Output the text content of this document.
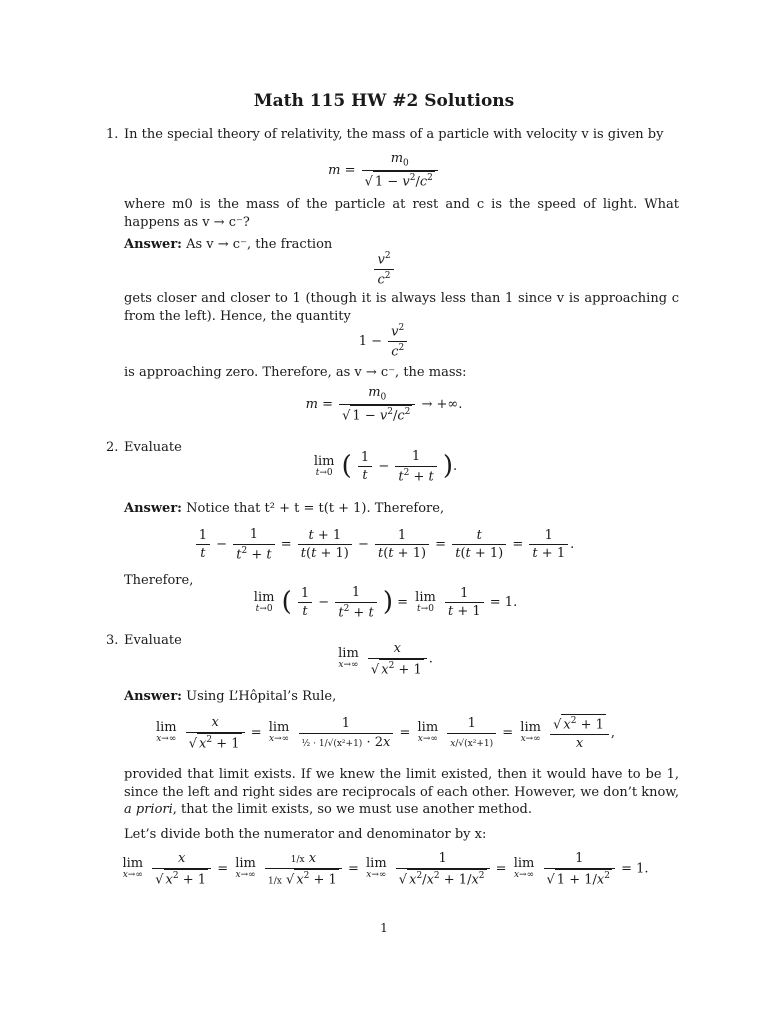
Math 115 HW #2 Solutions
1. In the special theory of relativity, the mass of a particle with velocity v is given by
$m = \frac{m_0}{√ 1 - v^2/c^2}$
where m0 is the mass of the particle at rest and c is the speed of light. What happens as v → c⁻?
Answer: As v → c⁻, the fraction
$\frac{v^2}{c^2}$
gets closer and closer to 1 (though it is always less than 1 since v is approaching c from the left). Hence, the quantity
$1 - \frac{v^2}{c^2}$
is approaching zero. Therefore, as v → c⁻, the mass:
$m = \frac{m_0}{√ 1 - v^2/c^2}$ → +∞.
2. Evaluate
lim
t→0 ( $\frac{1}{t} - \frac{1}{t^2 + t}$ ).
Answer: Notice that t² + t = t(t + 1). Therefore,
$\frac{1}{t} - \frac{1}{t^2 + t} = \frac{t + 1}{t(t + 1)} - \frac{1}{t(t + 1)} = \frac{t}{t(t + 1)} = \frac{1}{t + 1}$ .
Therefore,
lim
t→0 ( $\frac{1}{t} - \frac{1}{t^2 + t}$ ) = lim
t→0
$\frac{1}{t + 1} = 1$.
3. Evaluate
lim
x→∞
$\frac{x}{√ x^2 + 1}$ .
Answer: Using L’Hôpital’s Rule,
lim
x→∞
$\frac{x}{√ x^2 + 1} = \lim$
x→∞
$\frac{1}{\text{½ · 1/√(x²+1) · 2x}} = \lim$
x→∞
$\frac{1}{\text{x/√(x²+1)}} = \lim$
x→∞
$\frac{√ x^2 + 1}{x}$ ,
provided that limit exists. If we knew the limit existed, then it would have to be 1, since the left and right sides are reciprocals of each other. However, we don’t know, a priori, that the limit exists, so we must use another method.
Let’s divide both the numerator and denominator by x:
lim
x→∞
$\frac{x}{√ x^2 + 1} = \lim$
x→∞
$\frac{\text{1/x x}}{1/x √ x^2 + 1} = \lim$
x→∞
$\frac{1}{√ x^2/x^2 + 1/x^2} = \lim$
x→∞
$\frac{1}{√ 1 + 1/x^2} = 1$.
1
